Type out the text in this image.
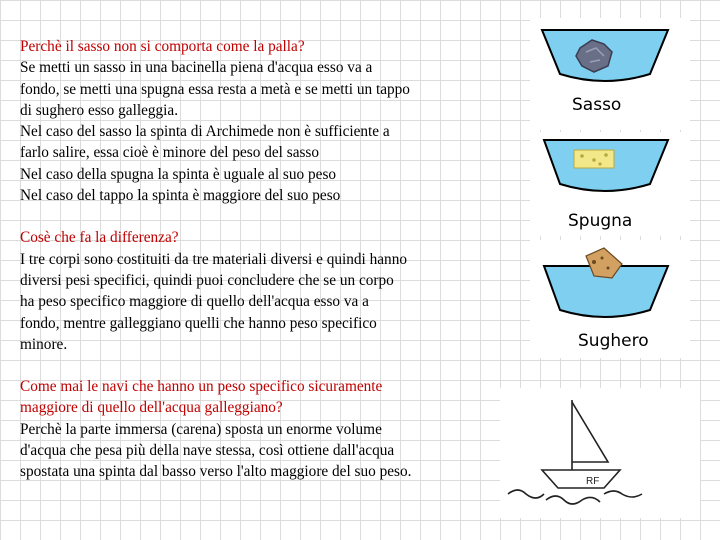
Perchè il sasso non si comporta come la palla?
Se metti un sasso in una bacinella piena d'acqua esso va a
fondo, se metti una spugna essa resta a metà e se metti un tappo
di sughero esso galleggia.
Nel caso del sasso la spinta di Archimede non è sufficiente a
farlo salire, essa cioè è minore del peso del sasso
Nel caso della spugna la spinta è uguale al suo peso
Nel caso del tappo la spinta è maggiore del suo peso
Cosè che fa la differenza?
I tre corpi sono costituiti da tre materiali diversi e quindi hanno
diversi pesi specifici, quindi puoi concludere che se un corpo
ha peso specifico maggiore di quello dell'acqua esso va a
fondo, mentre galleggiano quelli che hanno peso specifico
minore.
Come mai le navi che hanno un peso specifico sicuramente
maggiore di quello dell'acqua galleggiano?
Perchè la parte immersa (carena) sposta un enorme volume
d'acqua che pesa più della nave stessa, così ottiene dall'acqua
spostata una spinta dal basso verso l'alto maggiore del suo peso.
Sasso
Spugna
Sughero
RF
